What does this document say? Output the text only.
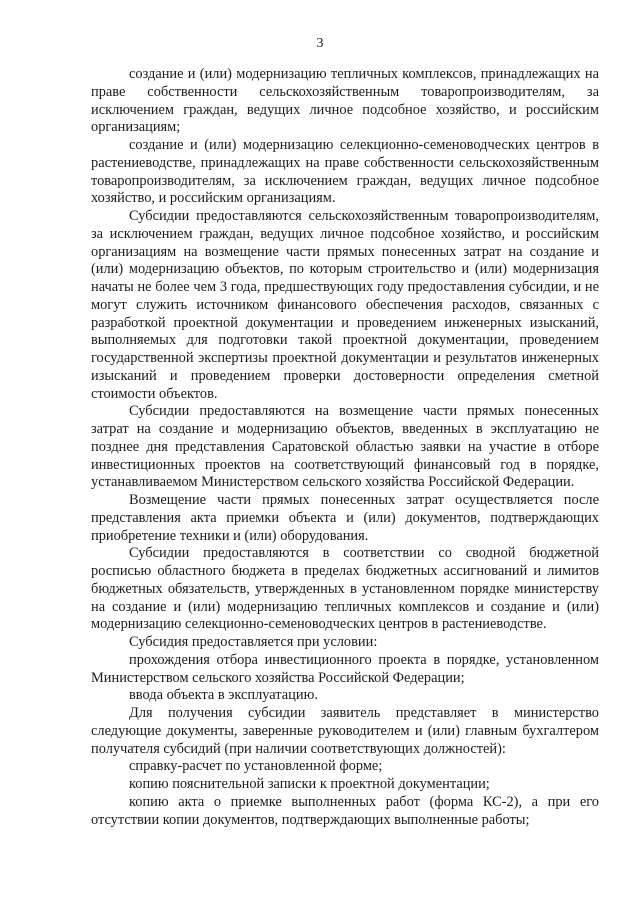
3

создание и (или) модернизацию тепличных комплексов, принадлежащих на праве собственности сельскохозяйственным товаропроизводителям, за исключением граждан, ведущих личное подсобное хозяйство, и российским организациям;

создание и (или) модернизацию селекционно-семеноводческих центров в растениеводстве, принадлежащих на праве собственности сельскохозяйственным товаропроизводителям, за исключением граждан, ведущих личное подсобное хозяйство, и российским организациям.

Субсидии предоставляются сельскохозяйственным товаропроизводителям, за исключением граждан, ведущих личное подсобное хозяйство, и российским организациям на возмещение части прямых понесенных затрат на создание и (или) модернизацию объектов, по которым строительство и (или) модернизация начаты не более чем 3 года, предшествующих году предоставления субсидии, и не могут служить источником финансового обеспечения расходов, связанных с разработкой проектной документации и проведением инженерных изысканий, выполняемых для подготовки такой проектной документации, проведением государственной экспертизы проектной документации и результатов инженерных изысканий и проведением проверки достоверности определения сметной стоимости объектов.

Субсидии предоставляются на возмещение части прямых понесенных затрат на создание и модернизацию объектов, введенных в эксплуатацию не позднее дня представления Саратовской областью заявки на участие в отборе инвестиционных проектов на соответствующий финансовый год в порядке, устанавливаемом Министерством сельского хозяйства Российской Федерации.

Возмещение части прямых понесенных затрат осуществляется после представления акта приемки объекта и (или) документов, подтверждающих приобретение техники и (или) оборудования.

Субсидии предоставляются в соответствии со сводной бюджетной росписью областного бюджета в пределах бюджетных ассигнований и лимитов бюджетных обязательств, утвержденных в установленном порядке министерству на создание и (или) модернизацию тепличных комплексов и создание и (или) модернизацию селекционно-семеноводческих центров в растениеводстве.

Субсидия предоставляется при условии:

прохождения отбора инвестиционного проекта в порядке, установленном Министерством сельского хозяйства Российской Федерации;

ввода объекта в эксплуатацию.

Для получения субсидии заявитель представляет в министерство следующие документы, заверенные руководителем и (или) главным бухгалтером получателя субсидий (при наличии соответствующих должностей):

справку-расчет по установленной форме;

копию пояснительной записки к проектной документации;

копию акта о приемке выполненных работ (форма КС-2), а при его отсутствии копии документов, подтверждающих выполненные работы;
